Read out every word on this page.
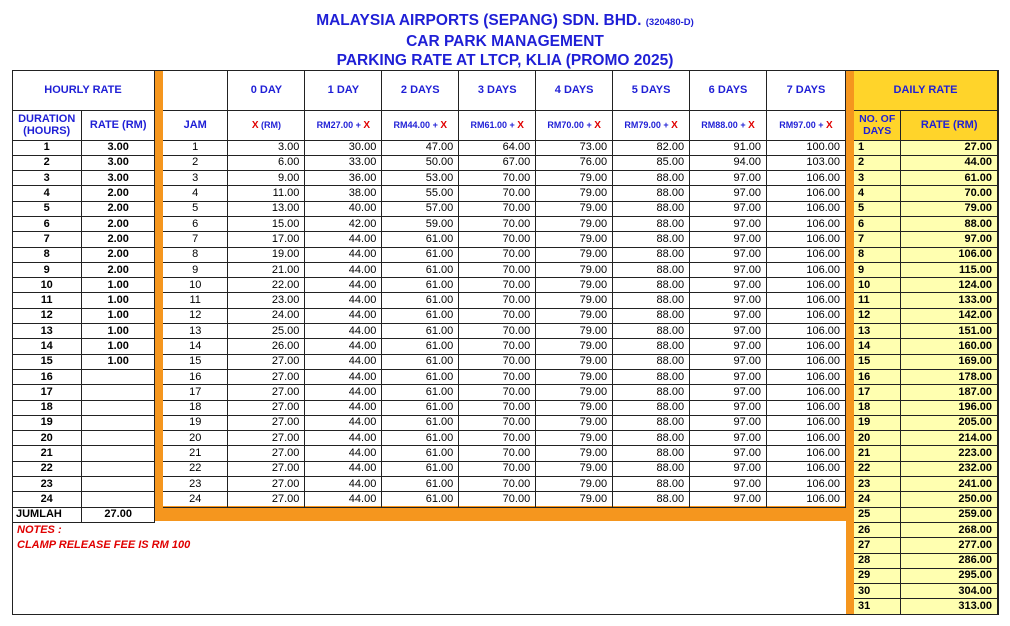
MALAYSIA AIRPORTS (SEPANG) SDN. BHD. (320480-D)
CAR PARK MANAGEMENT
PARKING RATE AT LTCP, KLIA (PROMO 2025)
HOURLY RATE	
DURATION (HOURS)	RATE (RM)
1	3.00
2	3.00
3	3.00
4	2.00
5	2.00
6	2.00
7	2.00
8	2.00
9	2.00
10	1.00
11	1.00
12	1.00
13	1.00
14	1.00
15	1.00
16	
17	
18	
19	
20	
21	
22	
23	
24	
JUMLAH	27.00
	0 DAY	1 DAY	2 DAYS	3 DAYS	4 DAYS	5 DAYS	6 DAYS	7 DAYS
JAM	X (RM)	RM27.00 + X	RM44.00 + X	RM61.00 + X	RM70.00 + X	RM79.00 + X	RM88.00 + X	RM97.00 + X
1	3.00	30.00	47.00	64.00	73.00	82.00	91.00	100.00
2	6.00	33.00	50.00	67.00	76.00	85.00	94.00	103.00
3	9.00	36.00	53.00	70.00	79.00	88.00	97.00	106.00
4	11.00	38.00	55.00	70.00	79.00	88.00	97.00	106.00
5	13.00	40.00	57.00	70.00	79.00	88.00	97.00	106.00
6	15.00	42.00	59.00	70.00	79.00	88.00	97.00	106.00
7	17.00	44.00	61.00	70.00	79.00	88.00	97.00	106.00
8	19.00	44.00	61.00	70.00	79.00	88.00	97.00	106.00
9	21.00	44.00	61.00	70.00	79.00	88.00	97.00	106.00
10	22.00	44.00	61.00	70.00	79.00	88.00	97.00	106.00
11	23.00	44.00	61.00	70.00	79.00	88.00	97.00	106.00
12	24.00	44.00	61.00	70.00	79.00	88.00	97.00	106.00
13	25.00	44.00	61.00	70.00	79.00	88.00	97.00	106.00
14	26.00	44.00	61.00	70.00	79.00	88.00	97.00	106.00
15	27.00	44.00	61.00	70.00	79.00	88.00	97.00	106.00
16	27.00	44.00	61.00	70.00	79.00	88.00	97.00	106.00
17	27.00	44.00	61.00	70.00	79.00	88.00	97.00	106.00
18	27.00	44.00	61.00	70.00	79.00	88.00	97.00	106.00
19	27.00	44.00	61.00	70.00	79.00	88.00	97.00	106.00
20	27.00	44.00	61.00	70.00	79.00	88.00	97.00	106.00
21	27.00	44.00	61.00	70.00	79.00	88.00	97.00	106.00
22	27.00	44.00	61.00	70.00	79.00	88.00	97.00	106.00
23	27.00	44.00	61.00	70.00	79.00	88.00	97.00	106.00
24	27.00	44.00	61.00	70.00	79.00	88.00	97.00	106.00
DAILY RATE	
NO. OF DAYS	RATE (RM)
1	27.00
2	44.00
3	61.00
4	70.00
5	79.00
6	88.00
7	97.00
8	106.00
9	115.00
10	124.00
11	133.00
12	142.00
13	151.00
14	160.00
15	169.00
16	178.00
17	187.00
18	196.00
19	205.00
20	214.00
21	223.00
22	232.00
23	241.00
24	250.00
25	259.00
26	268.00
27	277.00
28	286.00
29	295.00
30	304.00
31	313.00
NOTES :
CLAMP RELEASE FEE IS RM 100
